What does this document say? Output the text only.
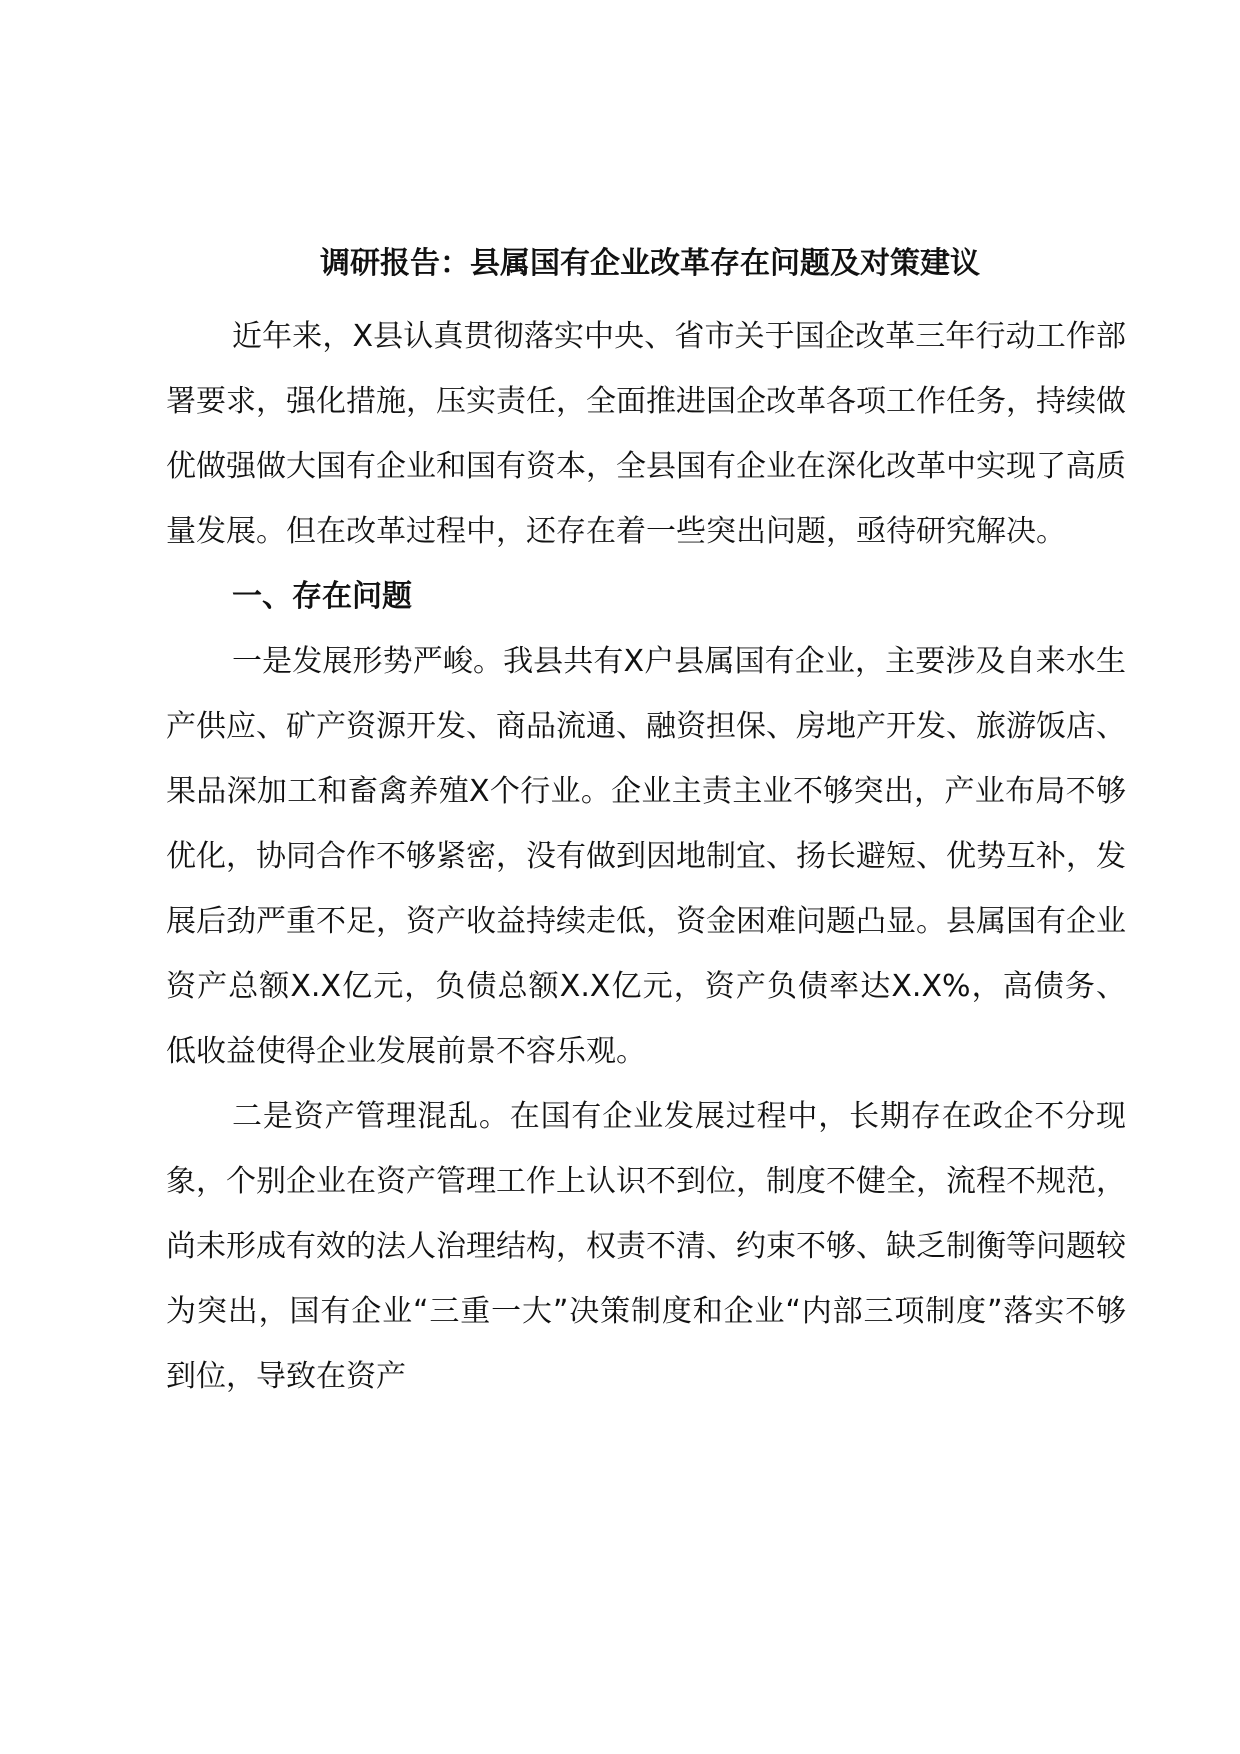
调研报告：县属国有企业改革存在问题及对策建议

近年来，X县认真贯彻落实中央、省市关于国企改革三年行动工作部署要求，强化措施，压实责任，全面推进国企改革各项工作任务，持续做优做强做大国有企业和国有资本，全县国有企业在深化改革中实现了高质量发展。但在改革过程中，还存在着一些突出问题，亟待研究解决。

一、存在问题

一是发展形势严峻。我县共有X户县属国有企业，主要涉及自来水生产供应、矿产资源开发、商品流通、融资担保、房地产开发、旅游饭店、果品深加工和畜禽养殖X个行业。企业主责主业不够突出，产业布局不够优化，协同合作不够紧密，没有做到因地制宜、扬长避短、优势互补，发展后劲严重不足，资产收益持续走低，资金困难问题凸显。县属国有企业资产总额X.X亿元，负债总额X.X亿元，资产负债率达X.X%，高债务、低收益使得企业发展前景不容乐观。

二是资产管理混乱。在国有企业发展过程中，长期存在政企不分现象，个别企业在资产管理工作上认识不到位，制度不健全，流程不规范，尚未形成有效的法人治理结构，权责不清、约束不够、缺乏制衡等问题较为突出，国有企业“三重一大”决策制度和企业“内部三项制度”落实不够到位，导致在资产
